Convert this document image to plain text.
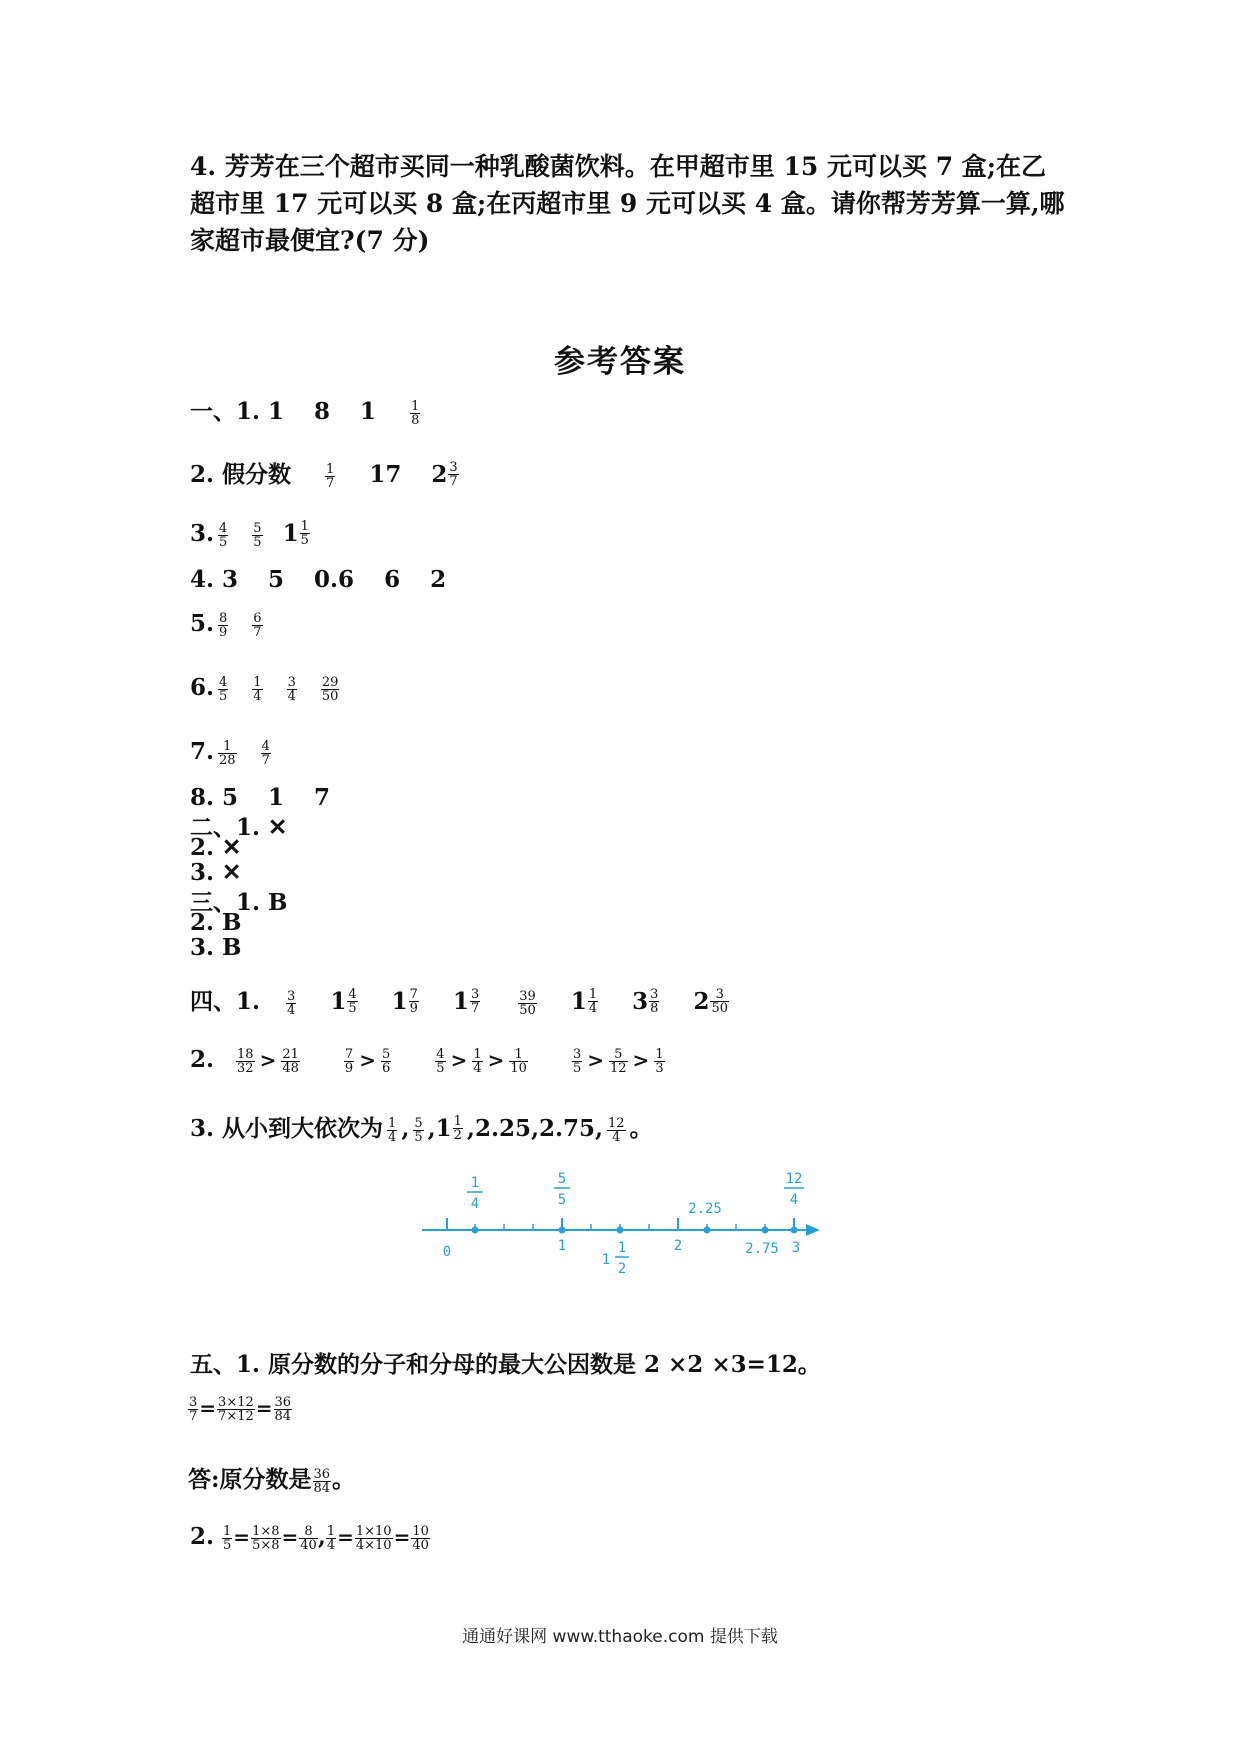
4. 芳芳在三个超市买同一种乳酸菌饮料。在甲超市里 15 元可以买 7 盒;在乙超市里 17 元可以买 8 盒;在丙超市里 9 元可以买 4 盒。请你帮芳芳算一算,哪家超市最便宜?(7 分)
参考答案
一、1. 1 8 1	$\frac{1}{8}$
2. 假分数	$\frac{1}{7} 17$ 2 3
7
3. $\frac{4}{5} \frac{5}{5} 1$ 1
5
4. 3 5 0.6 6 2
5. $\frac{8}{9} \frac{6}{7}$
6. $\frac{4}{5} \frac{1}{4} \frac{3}{4} \frac{29}{50}$
7. $\frac{1}{28} \frac{4}{7}$
8. 5 1 7
二、1. ✕
2. ✕
3. ✕
三、1. B
2. B
3. B
四、1. $\frac{3}{4}$
1 4
5
1 7
9
1 3
7
	$\frac{39}{50}$
1 1
4
3 3
8
2 3
50
2. $\frac{18}{32} > \frac{21}{48}$
	$\frac{7}{9} > \frac{5}{6}$
	$\frac{4}{5} > \frac{1}{4} > \frac{1}{10}$
	$\frac{3}{5} > \frac{5}{12} > \frac{1}{3}$
3. 从小到大依次为 $\frac{1}{4}$ , $\frac{5}{5}$ , 1 1
2 ,2.25,2.75, $\frac{12}{4}$ 。
0	1	2	3
1
4
5
5
1
1
2
2.25
2.75
12
4
五、1. 原分数的分子和分母的最大公因数是 2 ×2 ×3=12。
$\frac{3}{7} = \frac{3\times 12}{7\times 12} = \frac{36}{84}$
答:原分数是 $\frac{36}{84}$ 。
2. $\frac{1}{5} = \frac{1\times 8}{5\times 8} = \frac{8}{40}$ , $\frac{1}{4} = \frac{1\times 10}{4\times 10} = \frac{10}{40}$
通通好课网 www.tthaoke.com 提供下载
